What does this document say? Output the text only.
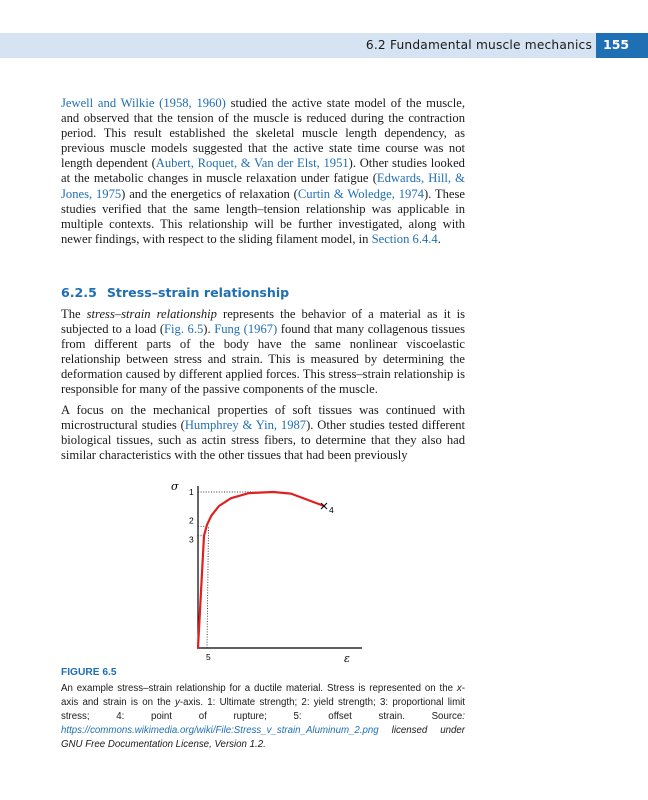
6.2 Fundamental muscle mechanics 155

Jewell and Wilkie (1958, 1960) studied the active state model of the muscle, and observed that the tension of the muscle is reduced during the contraction period. This result established the skeletal muscle length dependency, as previous muscle models suggested that the active state time course was not length dependent (Aubert, Roquet, & Van der Elst, 1951). Other studies looked at the metabolic changes in muscle relaxation under fatigue (Edwards, Hill, & Jones, 1975) and the energetics of relaxation (Curtin & Woledge, 1974). These studies verified that the same length–tension relationship was applicable in multiple contexts. This relationship will be further investigated, along with newer findings, with respect to the sliding filament model, in Section 6.4.4.

6.2.5 Stress–strain relationship

The stress–strain relationship represents the behavior of a material as it is subjected to a load (Fig. 6.5). Fung (1967) found that many collagenous tissues from different parts of the body have the same nonlinear viscoelastic relationship between stress and strain. This is measured by determining the deformation caused by different applied forces. This stress–strain relationship is responsible for many of the passive components of the muscle.

A focus on the mechanical properties of soft tissues was continued with microstructural studies (Humphrey & Yin, 1987). Other studies tested different biological tissues, such as actin stress fibers, to determine that they also had similar characteristics with the other tissues that had been previously

σ
ε
1
2
3
4
5
FIGURE 6.5
An example stress–strain relationship for a ductile material. Stress is represented on the x-axis and strain is on the y-axis. 1: Ultimate strength; 2: yield strength; 3: proportional limit stress; 4: point of rupture; 5: offset strain. Source: https://commons.wikimedia.org/wiki/File:Stress_v_strain_Aluminum_2.png licensed under GNU Free Documentation License, Version 1.2.
